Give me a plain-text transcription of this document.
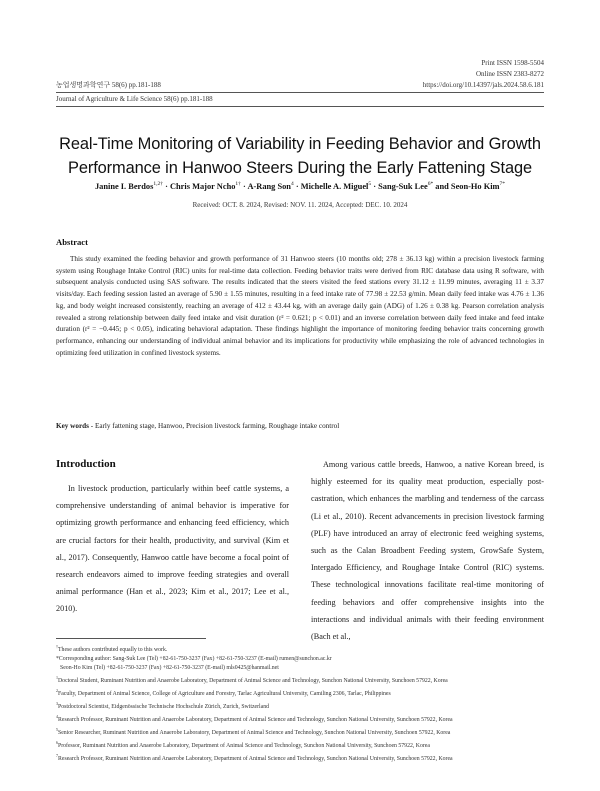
Print ISSN 1598-5504
Online ISSN 2383-8272
https://doi.org/10.14397/jals.2024.58.6.181
농업생명과학연구 58(6) pp.181-188
Journal of Agriculture & Life Science 58(6) pp.181-188
Real-Time Monitoring of Variability in Feeding Behavior and Growth
Performance in Hanwoo Steers During the Early Fattening Stage
Janine I. Berdos$^{1,2\dagger}$ · Chris Major Ncho$^{1\dagger}$ · A-Rang Son$^4$ · Michelle A. Miguel$^5$ · Sang-Suk Lee$^{6*}$ and Seon-Ho Kim$^{7*}$
Received: OCT. 8. 2024, Revised: NOV. 11. 2024, Accepted: DEC. 10. 2024
Abstract
This study examined the feeding behavior and growth performance of 31 Hanwoo steers (10 months old; 278 ± 36.13 kg) within a precision livestock farming system using Roughage Intake Control (RIC) units for real-time data collection. Feeding behavior traits were derived from RIC database data using R software, with subsequent analysis conducted using SAS software. The results indicated that the steers visited the feed stations every 31.12 ± 11.99 minutes, averaging 11 ± 3.37 visits/day. Each feeding session lasted an average of 5.90 ± 1.55 minutes, resulting in a feed intake rate of 77.98 ± 22.53 g/min. Mean daily feed intake was 4.76 ± 1.36 kg, and body weight increased consistently, reaching an average of 412 ± 43.44 kg, with an average daily gain (ADG) of 1.26 ± 0.38 kg. Pearson correlation analysis revealed a strong relationship between daily feed intake and visit duration (r² = 0.621; p < 0.01) and an inverse correlation between daily feed intake and feed intake duration (r² = −0.445; p < 0.05), indicating behavioral adaptation. These findings highlight the importance of monitoring feeding behavior traits concerning growth performance, enhancing our understanding of individual animal behavior and its implications for productivity while emphasizing the role of advanced technologies in optimizing feed utilization in confined livestock systems.
Key words - Early fattening stage, Hanwoo, Precision livestock farming, Roughage intake control
Introduction
In livestock production, particularly within beef cattle systems, a comprehensive understanding of animal behavior is imperative for optimizing growth performance and enhancing feed efficiency, which are crucial factors for their health, productivity, and survival (Kim et al., 2017). Consequently, Hanwoo cattle have become a focal point of research endeavors aimed to improve feeding strategies and overall animal performance (Han et al., 2023; Kim et al., 2017; Lee et al., 2010).
Among various cattle breeds, Hanwoo, a native Korean breed, is highly esteemed for its quality meat production, especially post-castration, which enhances the marbling and tenderness of the carcass (Li et al., 2010). Recent advancements in precision livestock farming (PLF) have introduced an array of electronic feed weighing systems, such as the Calan Broadbent Feeding system, GrowSafe System, Intergado Efficiency, and Roughage Intake Control (RIC) systems. These technological innovations facilitate real-time monitoring of feeding behaviors and offer comprehensive insights into the interactions and individual animals with their feeding environment (Bach et al.,
†These authors contributed equally to this work.
*Corresponding author: Sang-Suk Lee (Tel) +82-61-750-3237 (Fax) +82-61-750-3237 (E-mail) rumen@sunchon.ac.kr
Seon-Ho Kim (Tel) +82-61-750-3237 (Fax) +82-61-750-3237 (E-mail) mls0425@hanmail.net
$^1$Doctoral Student, Ruminant Nutrition and Anaerobe Laboratory, Department of Animal Science and Technology, Sunchon National University, Sunchoen 57922, Korea
$^2$Faculty, Department of Animal Science, College of Agriculture and Forestry, Tarlac Agricultural University, Camiling 2306, Tarlac, Philippines
$^3$Postdoctoral Scientist, Eidgenössische Technische Hochschule Zürich, Zurich, Switzerland
$^4$Research Professor, Ruminant Nutrition and Anaerobe Laboratory, Department of Animal Science and Technology, Sunchon National University, Sunchoen 57922, Korea
$^5$Senior Researcher, Ruminant Nutrition and Anaerobe Laboratory, Department of Animal Science and Technology, Sunchon National University, Sunchoen 57922, Korea
$^6$Professor, Ruminant Nutrition and Anaerobe Laboratory, Department of Animal Science and Technology, Sunchon National University, Sunchoen 57922, Korea
$^7$Research Professor, Ruminant Nutrition and Anaerobe Laboratory, Department of Animal Science and Technology, Sunchon National University, Sunchoen 57922, Korea
